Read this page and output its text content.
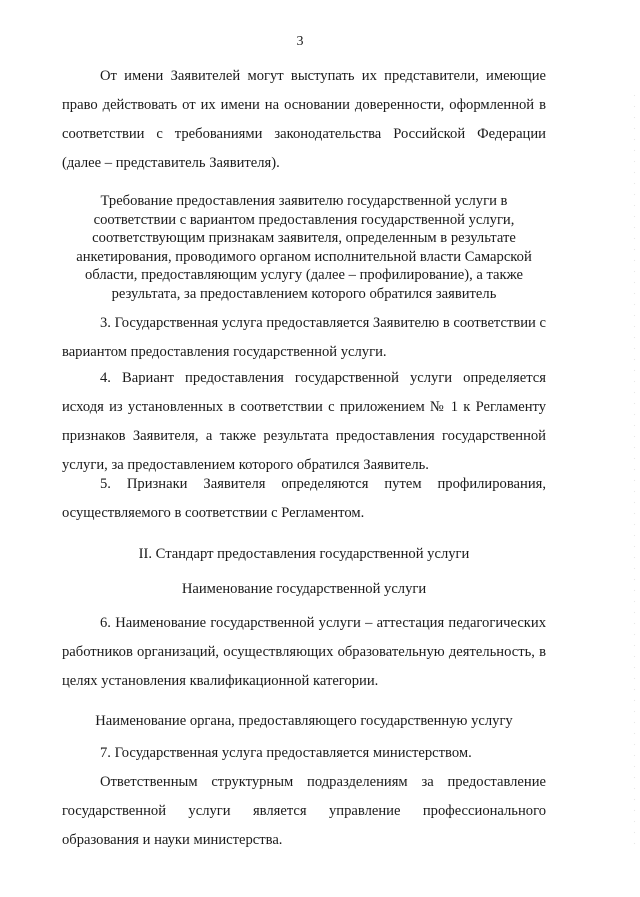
3

От имени Заявителей могут выступать их представители, имеющие право действовать от их имени на основании доверенности, оформленной в соответствии с требованиями законодательства Российской Федерации (далее – представитель Заявителя).

Требование предоставления заявителю государственной услуги в соответствии с вариантом предоставления государственной услуги, соответствующим признакам заявителя, определенным в результате анкетирования, проводимого органом исполнительной власти Самарской области, предоставляющим услугу (далее – профилирование), а также результата, за предоставлением которого обратился заявитель

3. Государственная услуга предоставляется Заявителю в соответствии с вариантом предоставления государственной услуги.

4. Вариант предоставления государственной услуги определяется исходя из установленных в соответствии с приложением № 1 к Регламенту признаков Заявителя, а также результата предоставления государственной услуги, за предоставлением которого обратился Заявитель.

5. Признаки Заявителя определяются путем профилирования, осуществляемого в соответствии с Регламентом.

II. Стандарт предоставления государственной услуги

Наименование государственной услуги

6. Наименование государственной услуги – аттестация педагогических работников организаций, осуществляющих образовательную деятельность, в целях установления квалификационной категории.

Наименование органа, предоставляющего государственную услугу

7. Государственная услуга предоставляется министерством.

Ответственным структурным подразделениям за предоставление государственной услуги является управление профессионального образования и науки министерства.
